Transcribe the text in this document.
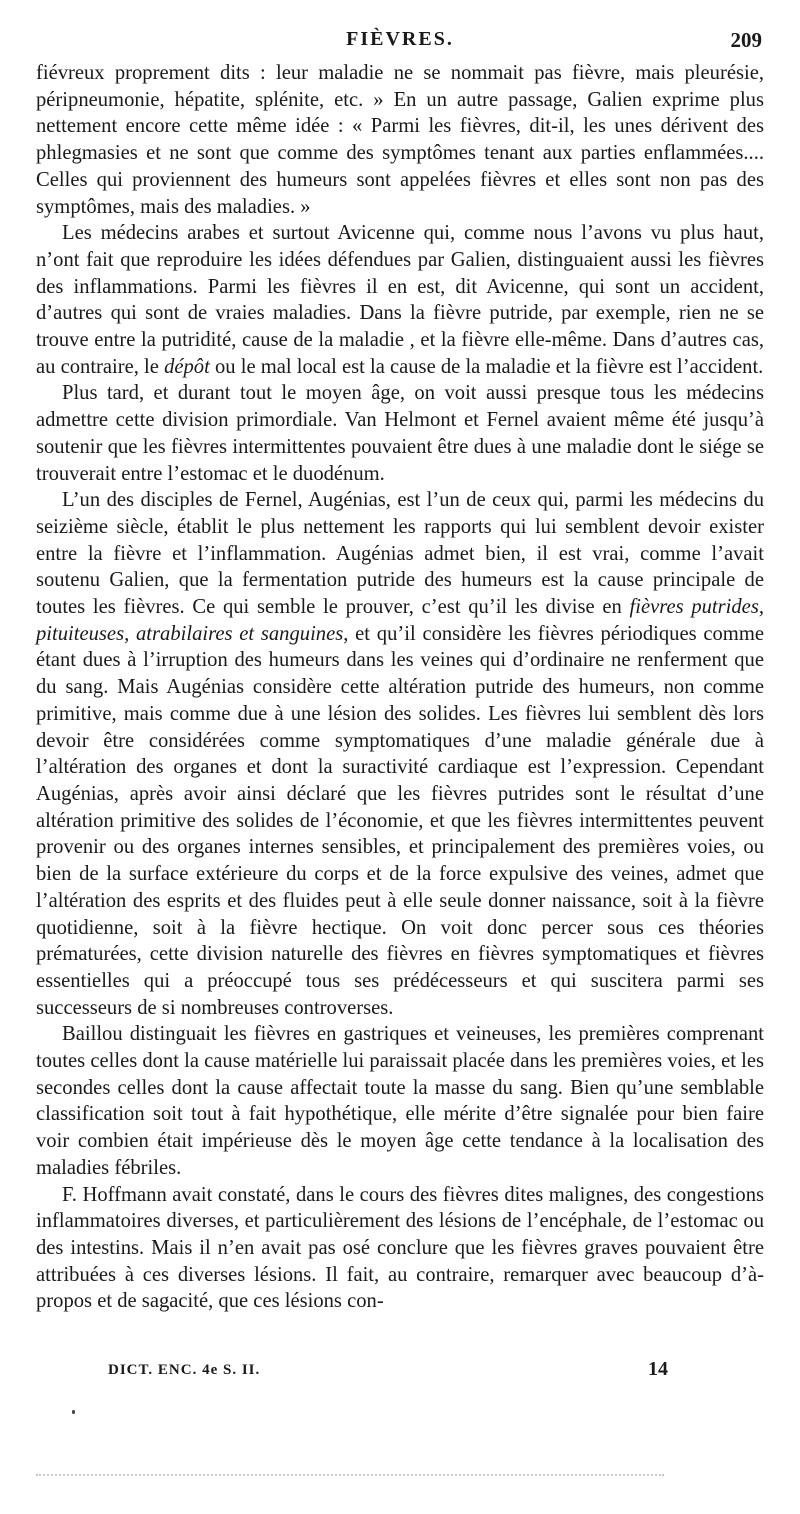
FIÈVRES.	209

fiévreux proprement dits : leur maladie ne se nommait pas fièvre, mais pleurésie, péripneumonie, hépatite, splénite, etc. » En un autre passage, Galien exprime plus nettement encore cette même idée : « Parmi les fièvres, dit-il, les unes dérivent des phlegmasies et ne sont que comme des symptômes tenant aux parties enflammées.... Celles qui proviennent des humeurs sont appelées fièvres et elles sont non pas des symptômes, mais des maladies. »

Les médecins arabes et surtout Avicenne qui, comme nous l’avons vu plus haut, n’ont fait que reproduire les idées défendues par Galien, distinguaient aussi les fièvres des inflammations. Parmi les fièvres il en est, dit Avicenne, qui sont un accident, d’autres qui sont de vraies maladies. Dans la fièvre putride, par exemple, rien ne se trouve entre la putridité, cause de la maladie , et la fièvre elle-même. Dans d’autres cas, au contraire, le dépôt ou le mal local est la cause de la maladie et la fièvre est l’accident.

Plus tard, et durant tout le moyen âge, on voit aussi presque tous les médecins admettre cette division primordiale. Van Helmont et Fernel avaient même été jusqu’à soutenir que les fièvres intermittentes pouvaient être dues à une maladie dont le siége se trouverait entre l’estomac et le duodénum.

L’un des disciples de Fernel, Augénias, est l’un de ceux qui, parmi les médecins du seizième siècle, établit le plus nettement les rapports qui lui semblent devoir exister entre la fièvre et l’inflammation. Augénias admet bien, il est vrai, comme l’avait soutenu Galien, que la fermentation putride des humeurs est la cause principale de toutes les fièvres. Ce qui semble le prouver, c’est qu’il les divise en fièvres putrides, pituiteuses, atrabilaires et sanguines, et qu’il considère les fièvres périodiques comme étant dues à l’irruption des humeurs dans les veines qui d’ordinaire ne renferment que du sang. Mais Augénias considère cette altération putride des humeurs, non comme primitive, mais comme due à une lésion des solides. Les fièvres lui semblent dès lors devoir être considérées comme symptomatiques d’une maladie générale due à l’altération des organes et dont la suractivité cardiaque est l’expression. Cependant Augénias, après avoir ainsi déclaré que les fièvres putrides sont le résultat d’une altération primitive des solides de l’économie, et que les fièvres intermittentes peuvent provenir ou des organes internes sensibles, et principalement des premières voies, ou bien de la surface extérieure du corps et de la force expulsive des veines, admet que l’altération des esprits et des fluides peut à elle seule donner naissance, soit à la fièvre quotidienne, soit à la fièvre hectique. On voit donc percer sous ces théories prématurées, cette division naturelle des fièvres en fièvres symptomatiques et fièvres essentielles qui a préoccupé tous ses prédécesseurs et qui suscitera parmi ses successeurs de si nombreuses controverses.

Baillou distinguait les fièvres en gastriques et veineuses, les premières comprenant toutes celles dont la cause matérielle lui paraissait placée dans les premières voies, et les secondes celles dont la cause affectait toute la masse du sang. Bien qu’une semblable classification soit tout à fait hypothétique, elle mérite d’être signalée pour bien faire voir combien était impérieuse dès le moyen âge cette tendance à la localisation des maladies fébriles.

F. Hoffmann avait constaté, dans le cours des fièvres dites malignes, des congestions inflammatoires diverses, et particulièrement des lésions de l’encéphale, de l’estomac ou des intestins. Mais il n’en avait pas osé conclure que les fièvres graves pouvaient être attribuées à ces diverses lésions. Il fait, au contraire, remarquer avec beaucoup d’à-propos et de sagacité, que ces lésions con-

DICT. ENC. 4e S. II.	14
